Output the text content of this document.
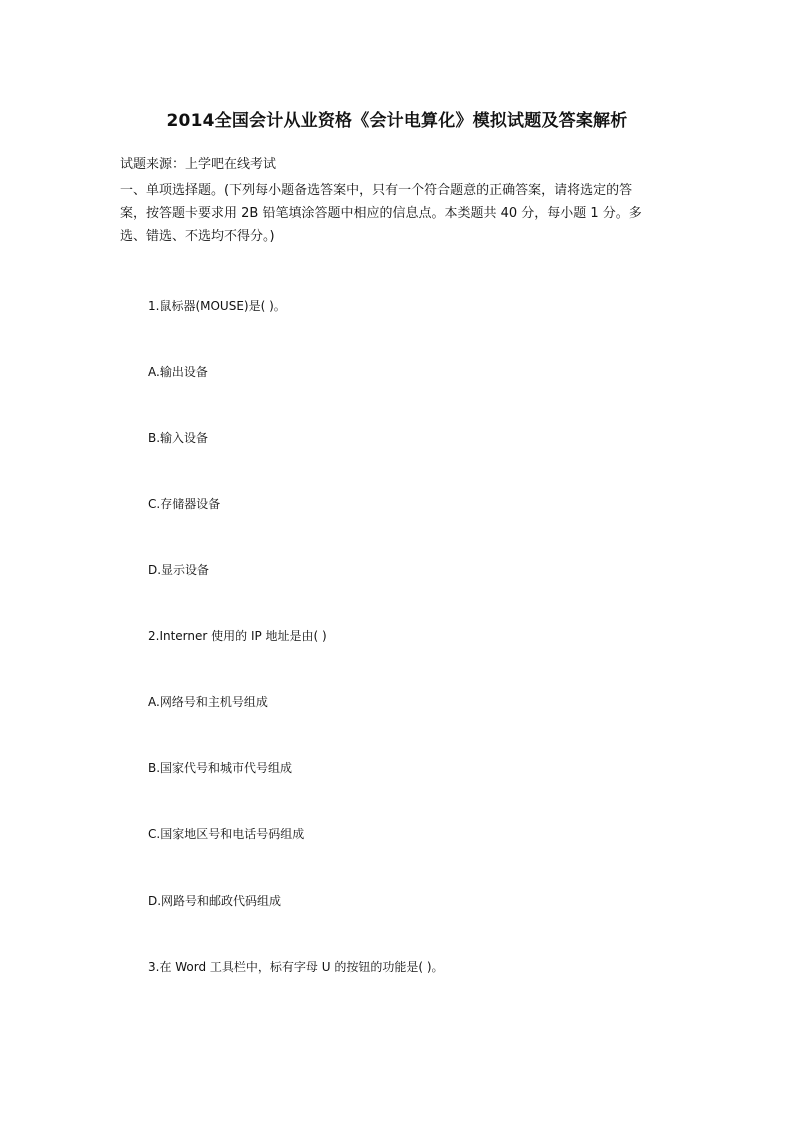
2014全国会计从业资格《会计电算化》模拟试题及答案解析
试题来源：上学吧在线考试
一、单项选择题。(下列每小题备选答案中，只有一个符合题意的正确答案，请将选定的答
案，按答题卡要求用 2B 铅笔填涂答题中相应的信息点。本类题共 40 分，每小题 1 分。多
选、错选、不选均不得分。)
1.鼠标器(MOUSE)是( )。
A.输出设备
B.输入设备
C.存储器设备
D.显示设备
2.Interner 使用的 IP 地址是由( )
A.网络号和主机号组成
B.国家代号和城市代号组成
C.国家地区号和电话号码组成
D.网路号和邮政代码组成
3.在 Word 工具栏中，标有字母 U 的按钮的功能是( )。
